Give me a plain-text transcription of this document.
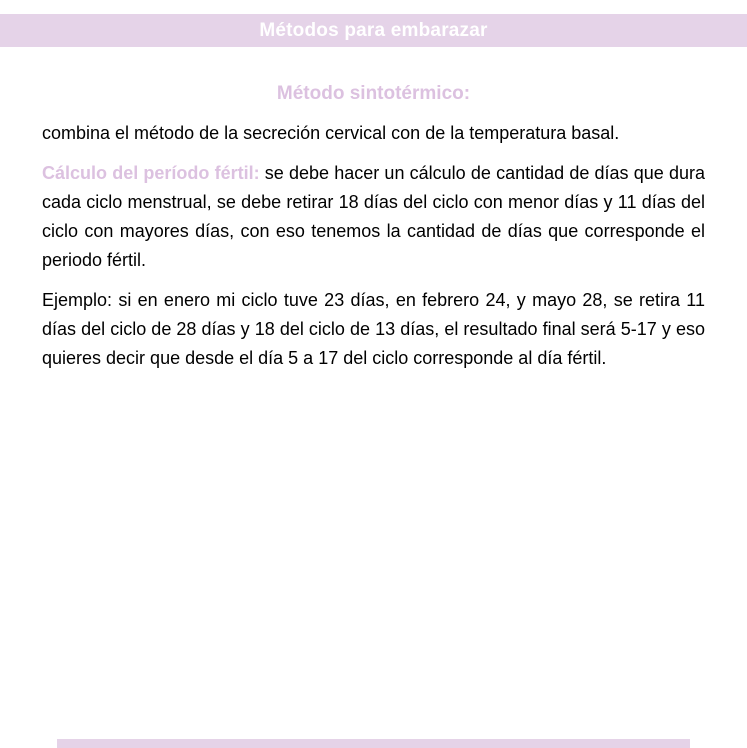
Métodos para embarazar
Método sintotérmico:

combina el método de la secreción cervical con de la temperatura basal.

Cálculo del período fértil: se debe hacer un cálculo de cantidad de días que dura cada ciclo menstrual, se debe retirar 18 días del ciclo con menor días y 11 días del ciclo con mayores días, con eso tenemos la cantidad de días que corresponde el periodo fértil.

Ejemplo: si en enero mi ciclo tuve 23 días, en febrero 24, y mayo 28, se retira 11 días del ciclo de 28 días y 18 del ciclo de 13 días, el resultado final será 5-17 y eso quieres decir que desde el día 5 a 17 del ciclo corresponde al día fértil.
